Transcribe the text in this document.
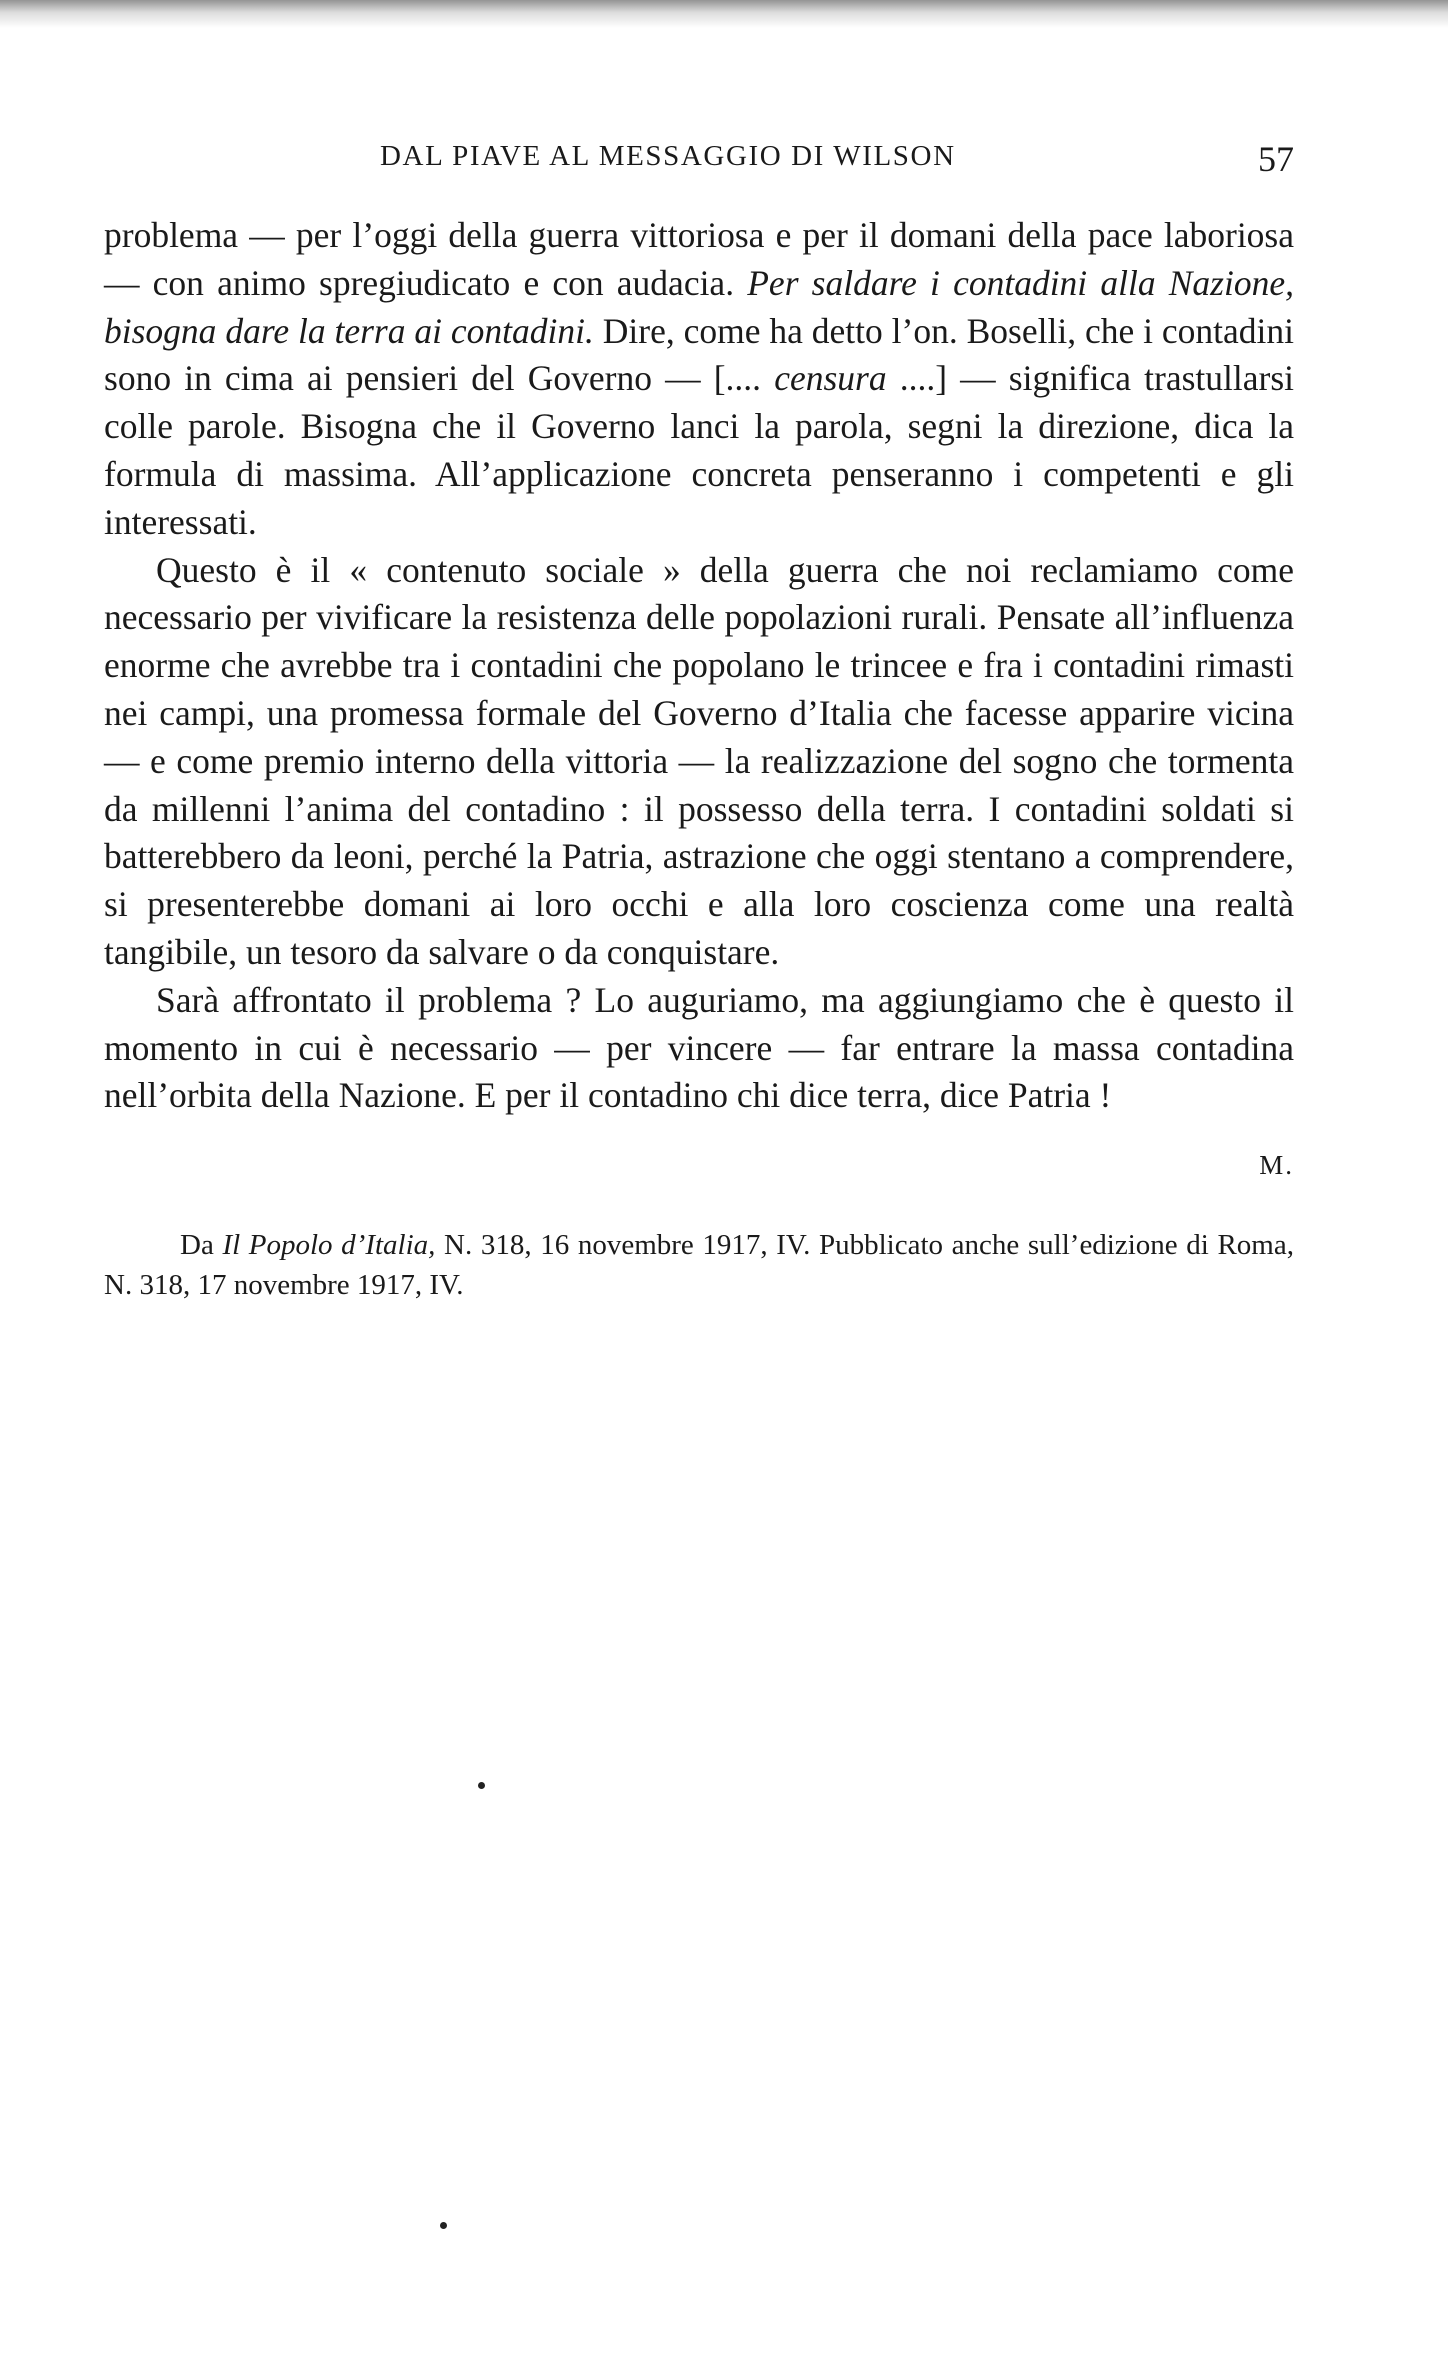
DAL PIAVE AL MESSAGGIO DI WILSON	57

problema — per l’oggi della guerra vittoriosa e per il domani della pace laboriosa — con animo spregiudicato e con audacia. Per saldare i contadini alla Nazione, bisogna dare la terra ai contadini. Dire, come ha detto l’on. Boselli, che i contadini sono in cima ai pensieri del Governo — [.... censura ....] — significa trastullarsi colle parole. Bisogna che il Governo lanci la parola, segni la direzione, dica la formula di massima. All’applicazione concreta penseranno i competenti e gli interessati.

Questo è il « contenuto sociale » della guerra che noi reclamiamo come necessario per vivificare la resistenza delle popolazioni rurali. Pensate all’influenza enorme che avrebbe tra i contadini che popolano le trincee e fra i contadini rimasti nei campi, una promessa formale del Governo d’Italia che facesse apparire vicina — e come premio interno della vittoria — la realizzazione del sogno che tormenta da millenni l’anima del contadino : il possesso della terra. I contadini soldati si batterebbero da leoni, perché la Patria, astrazione che oggi stentano a comprendere, si presenterebbe domani ai loro occhi e alla loro coscienza come una realtà tangibile, un tesoro da salvare o da conquistare.

Sarà affrontato il problema ? Lo auguriamo, ma aggiungiamo che è questo il momento in cui è necessario — per vincere — far entrare la massa contadina nell’orbita della Nazione. E per il contadino chi dice terra, dice Patria !

M.

Da Il Popolo d’Italia, N. 318, 16 novembre 1917, IV. Pubblicato anche sull’edizione di Roma, N. 318, 17 novembre 1917, IV.
